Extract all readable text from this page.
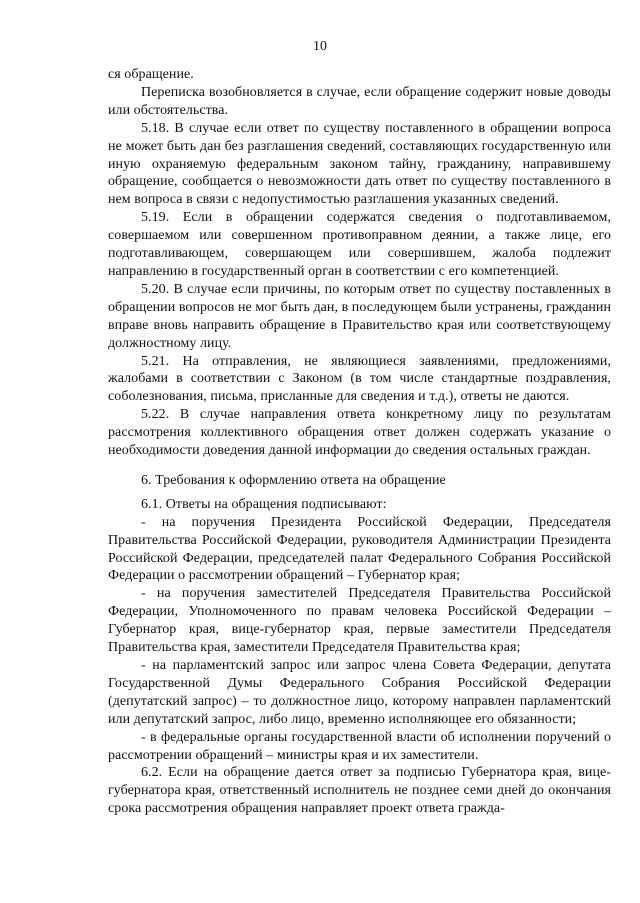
10

ся обращение.

Переписка возобновляется в случае, если обращение содержит новые доводы или обстоятельства.

5.18. В случае если ответ по существу поставленного в обращении вопроса не может быть дан без разглашения сведений, составляющих государственную или иную охраняемую федеральным законом тайну, гражданину, направившему обращение, сообщается о невозможности дать ответ по существу поставленного в нем вопроса в связи с недопустимостью разглашения указанных сведений.

5.19. Если в обращении содержатся сведения о подготавливаемом, совершаемом или совершенном противоправном деянии, а также лице, его подготавливающем, совершающем или совершившем, жалоба подлежит направлению в государственный орган в соответствии с его компетенцией.

5.20. В случае если причины, по которым ответ по существу поставленных в обращении вопросов не мог быть дан, в последующем были устранены, гражданин вправе вновь направить обращение в Правительство края или соответствующему должностному лицу.

5.21. На отправления, не являющиеся заявлениями, предложениями, жалобами в соответствии с Законом (в том числе стандартные поздравления, соболезнования, письма, присланные для сведения и т.д.), ответы не даются.

5.22. В случае направления ответа конкретному лицу по результатам рассмотрения коллективного обращения ответ должен содержать указание о необходимости доведения данной информации до сведения остальных граждан.

6. Требования к оформлению ответа на обращение

6.1. Ответы на обращения подписывают:

- на поручения Президента Российской Федерации, Председателя Правительства Российской Федерации, руководителя Администрации Президента Российской Федерации, председателей палат Федерального Собрания Российской Федерации о рассмотрении обращений – Губернатор края;

- на поручения заместителей Председателя Правительства Российской Федерации, Уполномоченного по правам человека Российской Федерации – Губернатор края, вице-губернатор края, первые заместители Председателя Правительства края, заместители Председателя Правительства края;

- на парламентский запрос или запрос члена Совета Федерации, депутата Государственной Думы Федерального Собрания Российской Федерации (депутатский запрос) – то должностное лицо, которому направлен парламентский или депутатский запрос, либо лицо, временно исполняющее его обязанности;

- в федеральные органы государственной власти об исполнении поручений о рассмотрении обращений – министры края и их заместители.

6.2. Если на обращение дается ответ за подписью Губернатора края, вице-губернатора края, ответственный исполнитель не позднее семи дней до окончания срока рассмотрения обращения направляет проект ответа гражда-
